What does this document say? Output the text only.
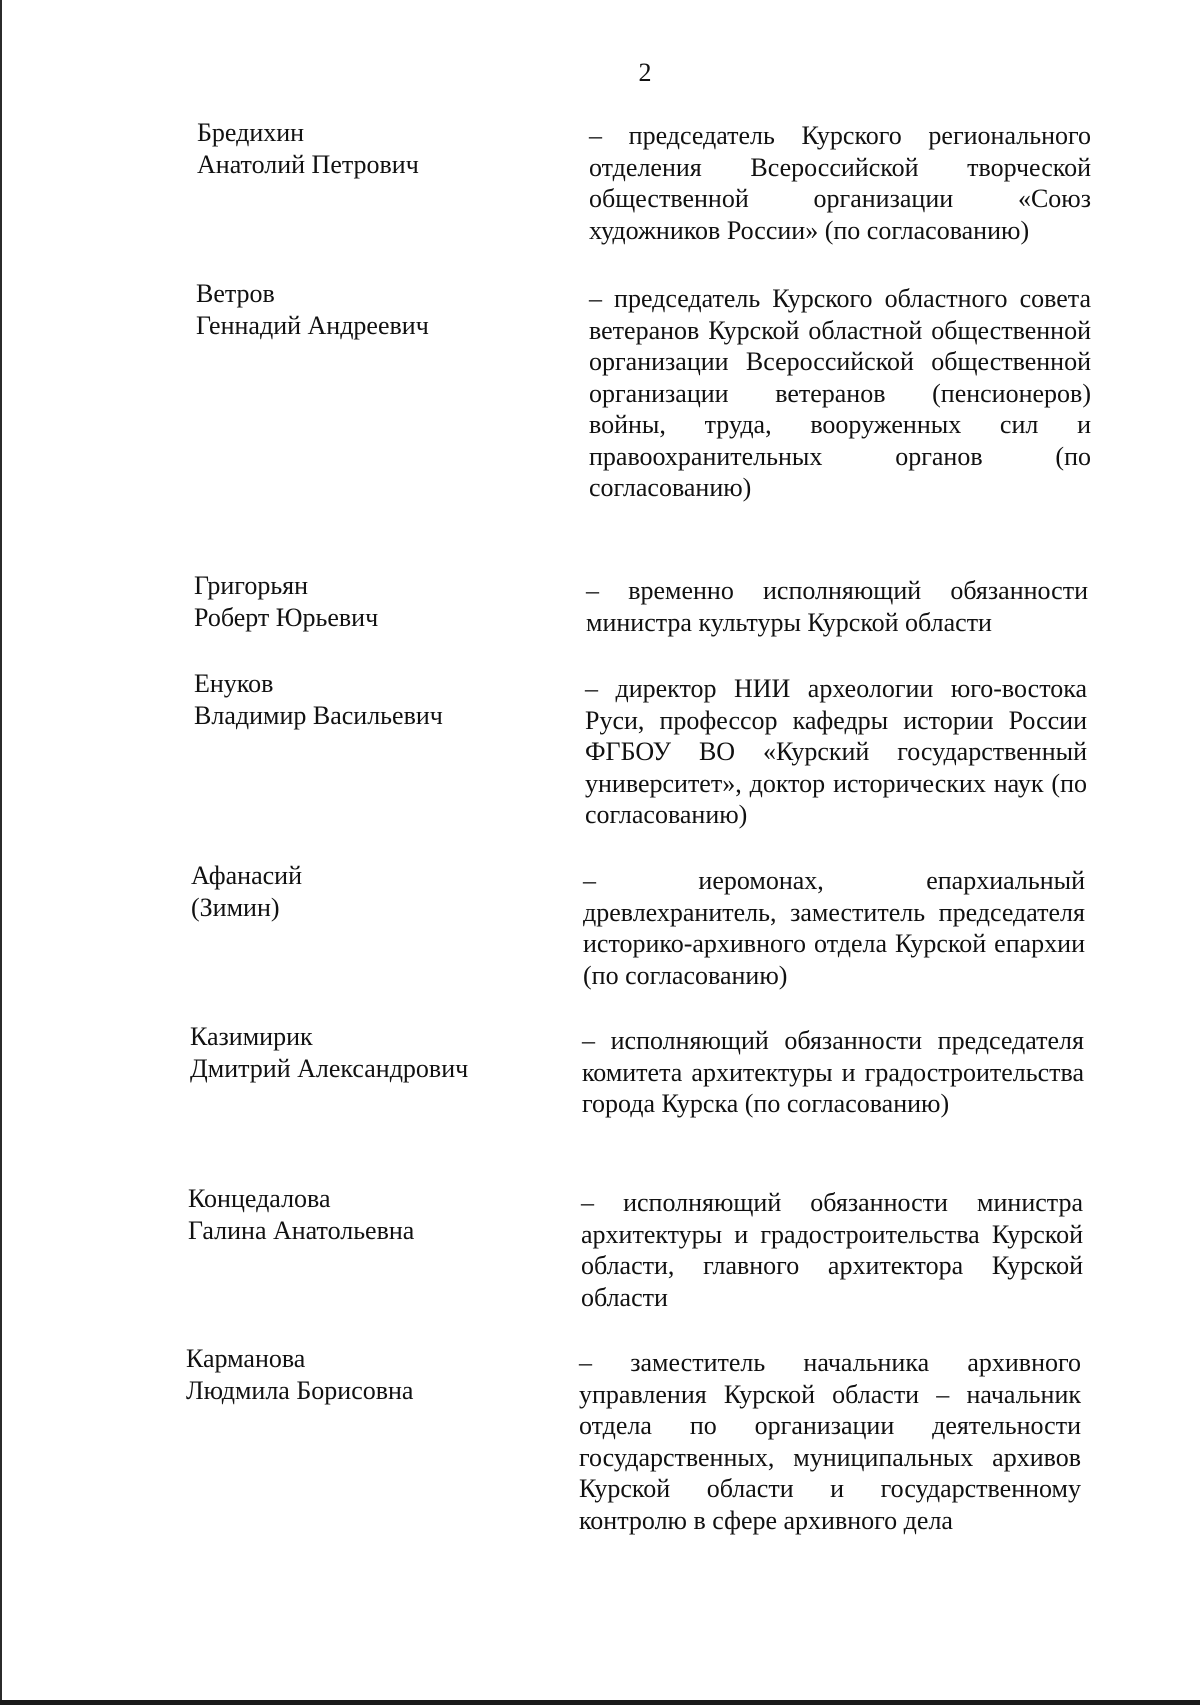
2
Бредихин
Анатолий Петрович
– председатель Курского регионального отделения Всероссийской творческой общественной организации «Союз художников России» (по согласованию)
Ветров
Геннадий Андреевич
– председатель Курского областного совета ветеранов Курской областной общественной организации Всероссийской общественной организации ветеранов (пенсионеров) войны, труда, вооруженных сил и правоохранительных органов (по согласованию)
Григорьян
Роберт Юрьевич
– временно исполняющий обязанности министра культуры Курской области
Енуков
Владимир Васильевич
– директор НИИ археологии юго-востока Руси, профессор кафедры истории России ФГБОУ ВО «Курский государственный университет», доктор исторических наук (по согласованию)
Афанасий
(Зимин)
– иеромонах, епархиальный древлехранитель, заместитель председателя историко-архивного отдела Курской епархии (по согласованию)
Казимирик
Дмитрий Александрович
– исполняющий обязанности председателя комитета архитектуры и градостроительства города Курска (по согласованию)
Концедалова
Галина Анатольевна
– исполняющий обязанности министра архитектуры и градостроительства Курской области, главного архитектора Курской области
Карманова
Людмила Борисовна
– заместитель начальника архивного управления Курской области – начальник отдела по организации деятельности государственных, муниципальных архивов Курской области и государственному контролю в сфере архивного дела
